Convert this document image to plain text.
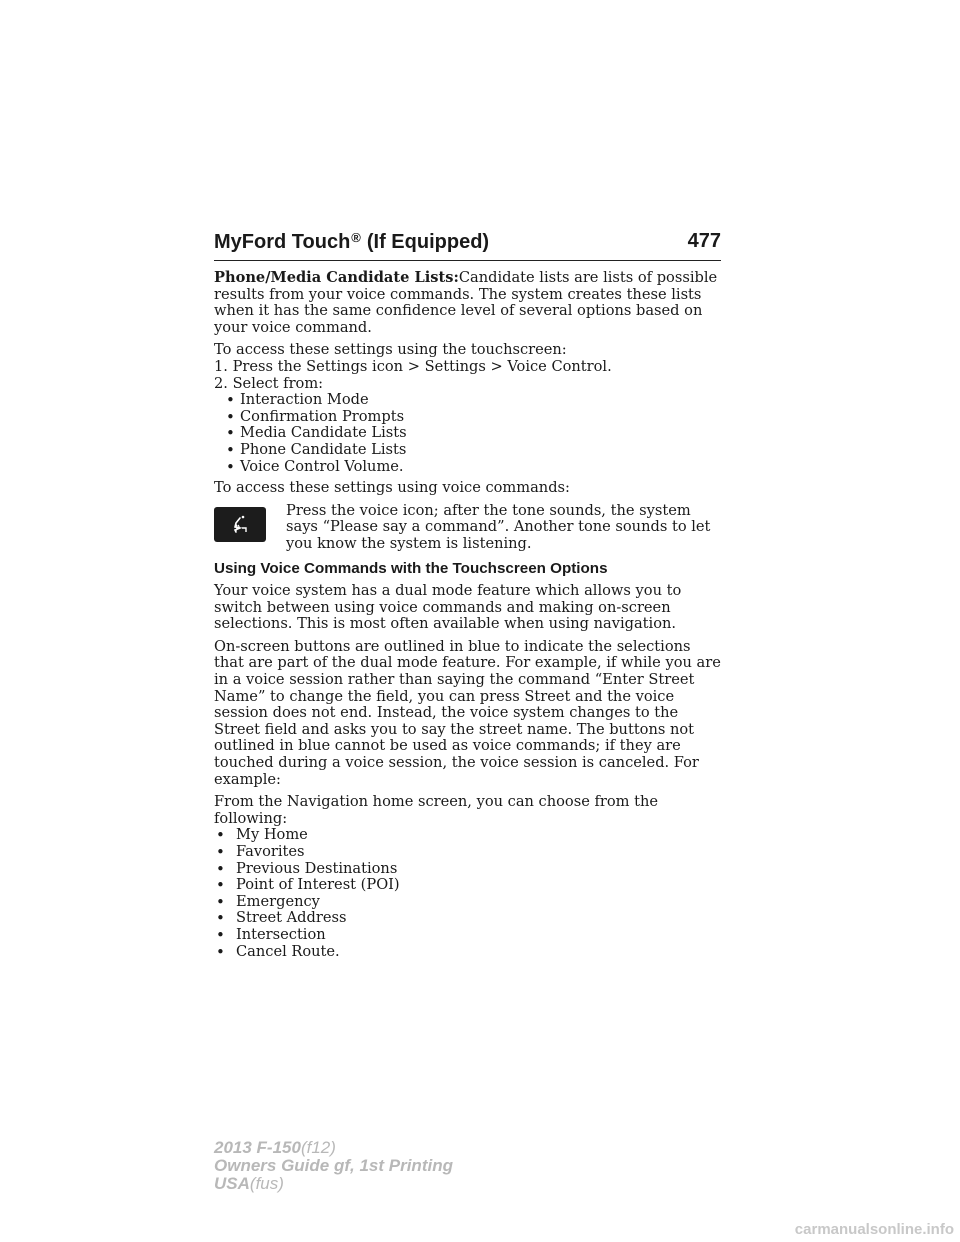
MyFord Touch® (If Equipped)	477

Phone/Media Candidate Lists:Candidate lists are lists of possible results from your voice commands. The system creates these lists when it has the same confidence level of several options based on your voice command.

To access these settings using the touchscreen:

1. Press the Settings icon > Settings > Voice Control.
2. Select from:
• Interaction Mode
• Confirmation Prompts
• Media Candidate Lists
• Phone Candidate Lists
• Voice Control Volume.

To access these settings using voice commands:

Press the voice icon; after the tone sounds, the system says “Please say a command”. Another tone sounds to let you know the system is listening.
Using Voice Commands with the Touchscreen Options

Your voice system has a dual mode feature which allows you to switch between using voice commands and making on-screen selections. This is most often available when using navigation.

On-screen buttons are outlined in blue to indicate the selections that are part of the dual mode feature. For example, if while you are in a voice session rather than saying the command “Enter Street Name” to change the field, you can press Street and the voice session does not end. Instead, the voice system changes to the Street field and asks you to say the street name. The buttons not outlined in blue cannot be used as voice commands; if they are touched during a voice session, the voice session is canceled. For example:

From the Navigation home screen, you can choose from the following:

• My Home
• Favorites
• Previous Destinations
• Point of Interest (POI)
• Emergency
• Street Address
• Intersection
• Cancel Route.
2013 F-150(f12)
Owners Guide gf, 1st Printing
USA(fus)
carmanualsonline.info
